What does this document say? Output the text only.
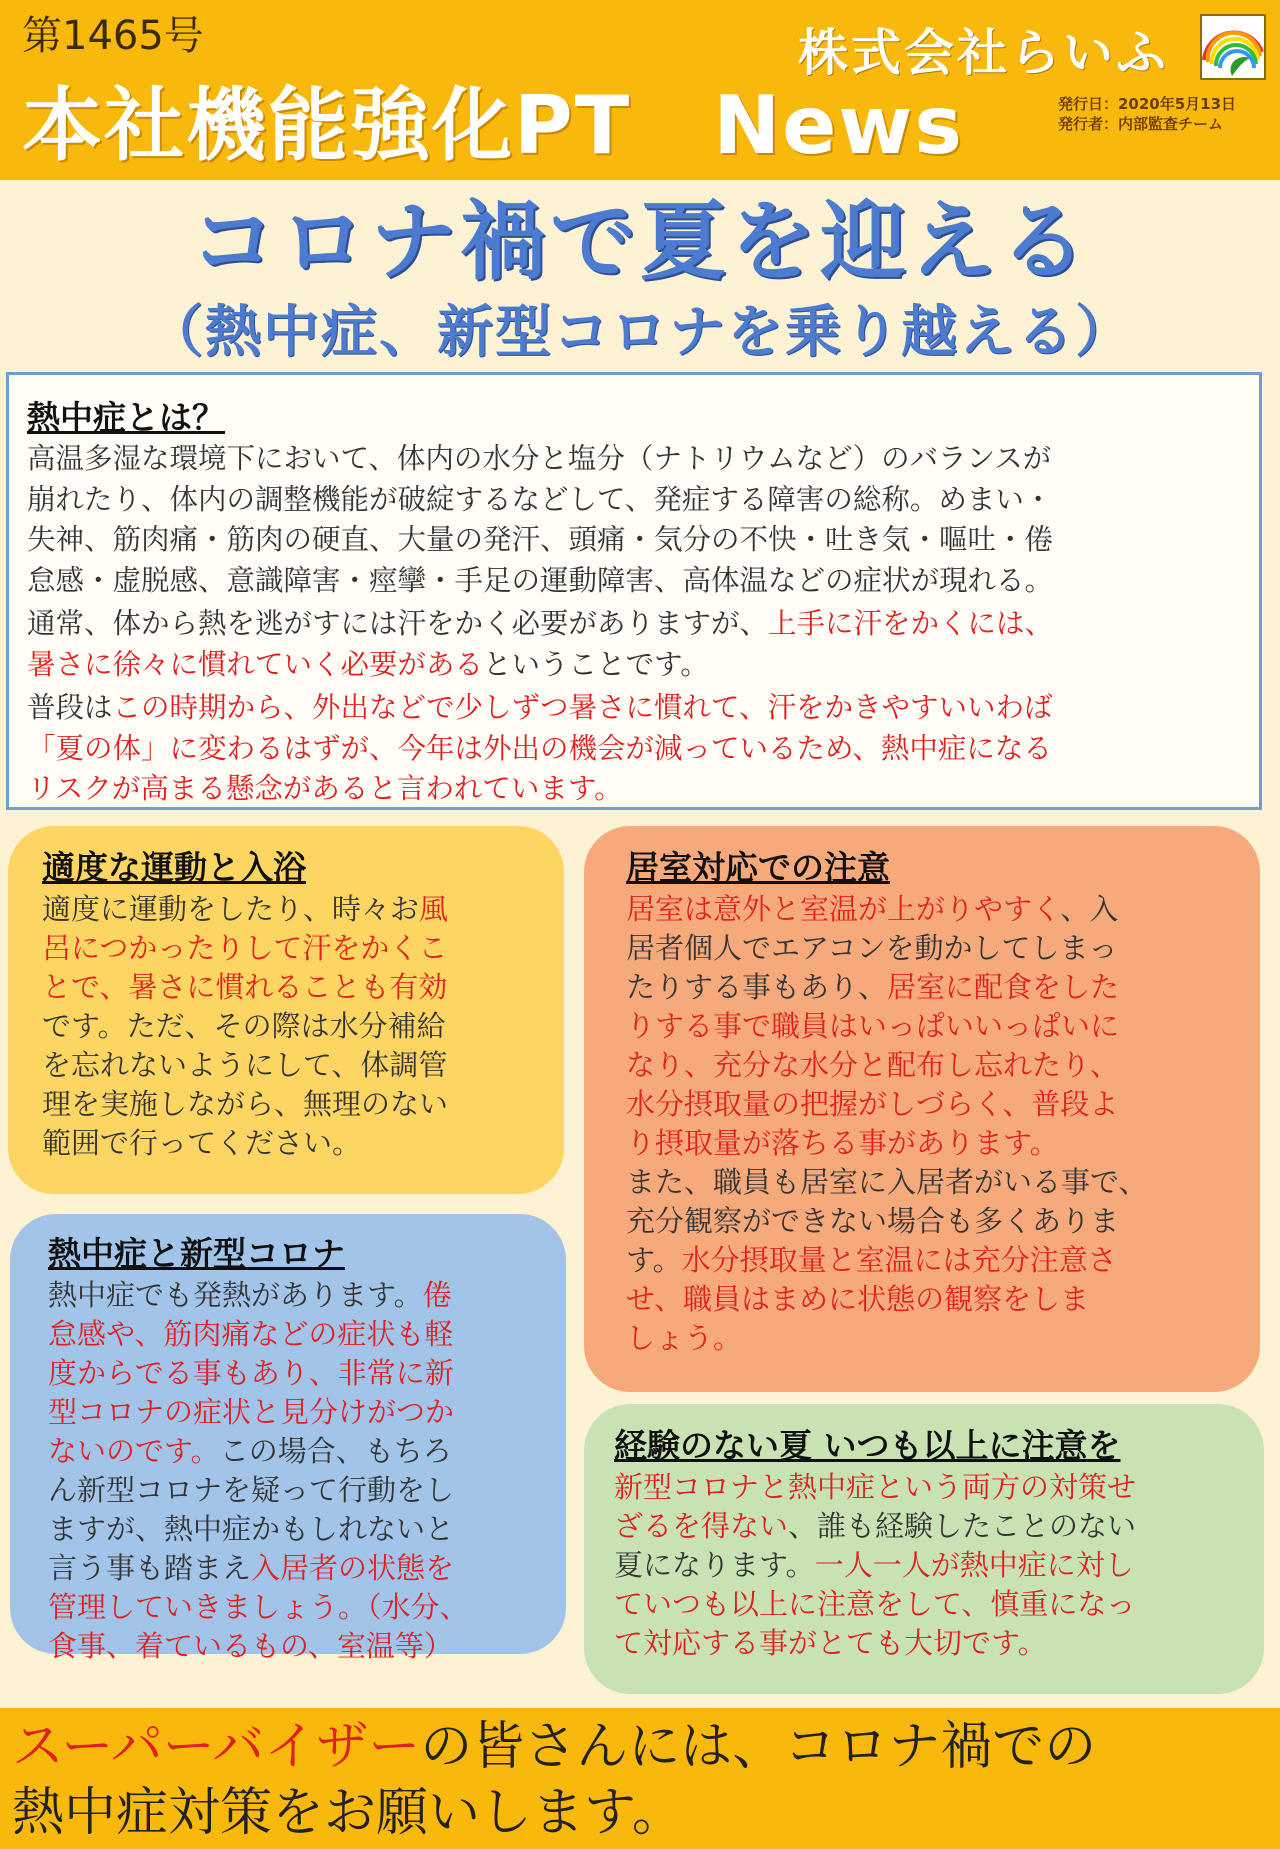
第1465号
本社機能強化PT　News
株式会社らいふ
発行日：2020年5月13日
発行者：内部監査チーム
コロナ禍で夏を迎える
（熱中症、新型コロナを乗り越える）
熱中症とは？
高温多湿な環境下において、体内の水分と塩分（ナトリウムなど）のバランスが
崩れたり、体内の調整機能が破綻するなどして、発症する障害の総称。めまい・
失神、筋肉痛・筋肉の硬直、大量の発汗、頭痛・気分の不快・吐き気・嘔吐・倦
怠感・虚脱感、意識障害・痙攣・手足の運動障害、高体温などの症状が現れる。
通常、体から熱を逃がすには汗をかく必要がありますが、上手に汗をかくには、
暑さに徐々に慣れていく必要があるということです。
普段はこの時期から、外出などで少しずつ暑さに慣れて、汗をかきやすいいわば
「夏の体」に変わるはずが、今年は外出の機会が減っているため、熱中症になる
リスクが高まる懸念があると言われています。
適度な運動と入浴
適度に運動をしたり、時々お風
呂につかったりして汗をかくこ
とで、暑さに慣れることも有効
です。ただ、その際は水分補給
を忘れないようにして、体調管
理を実施しながら、無理のない
範囲で行ってください。
居室対応での注意
居室は意外と室温が上がりやすく、入
居者個人でエアコンを動かしてしまっ
たりする事もあり、居室に配食をした
りする事で職員はいっぱいいっぱいに
なり、充分な水分と配布し忘れたり、
水分摂取量の把握がしづらく、普段よ
り摂取量が落ちる事があります。
また、職員も居室に入居者がいる事で、
充分観察ができない場合も多くありま
す。水分摂取量と室温には充分注意さ
せ、職員はまめに状態の観察をしま
しょう。
熱中症と新型コロナ
熱中症でも発熱があります。倦
怠感や、筋肉痛などの症状も軽
度からでる事もあり、非常に新
型コロナの症状と見分けがつか
ないのです。この場合、もちろ
ん新型コロナを疑って行動をし
ますが、熱中症かもしれないと
言う事も踏まえ入居者の状態を
管理していきましょう。（水分、
食事、着ているもの、室温等）
経験のない夏 いつも以上に注意を
新型コロナと熱中症という両方の対策せ
ざるを得ない、誰も経験したことのない
夏になります。一人一人が熱中症に対し
ていつも以上に注意をして、慎重になっ
て対応する事がとても大切です。
スーパーバイザーの皆さんには、コロナ禍での
熱中症対策をお願いします。
